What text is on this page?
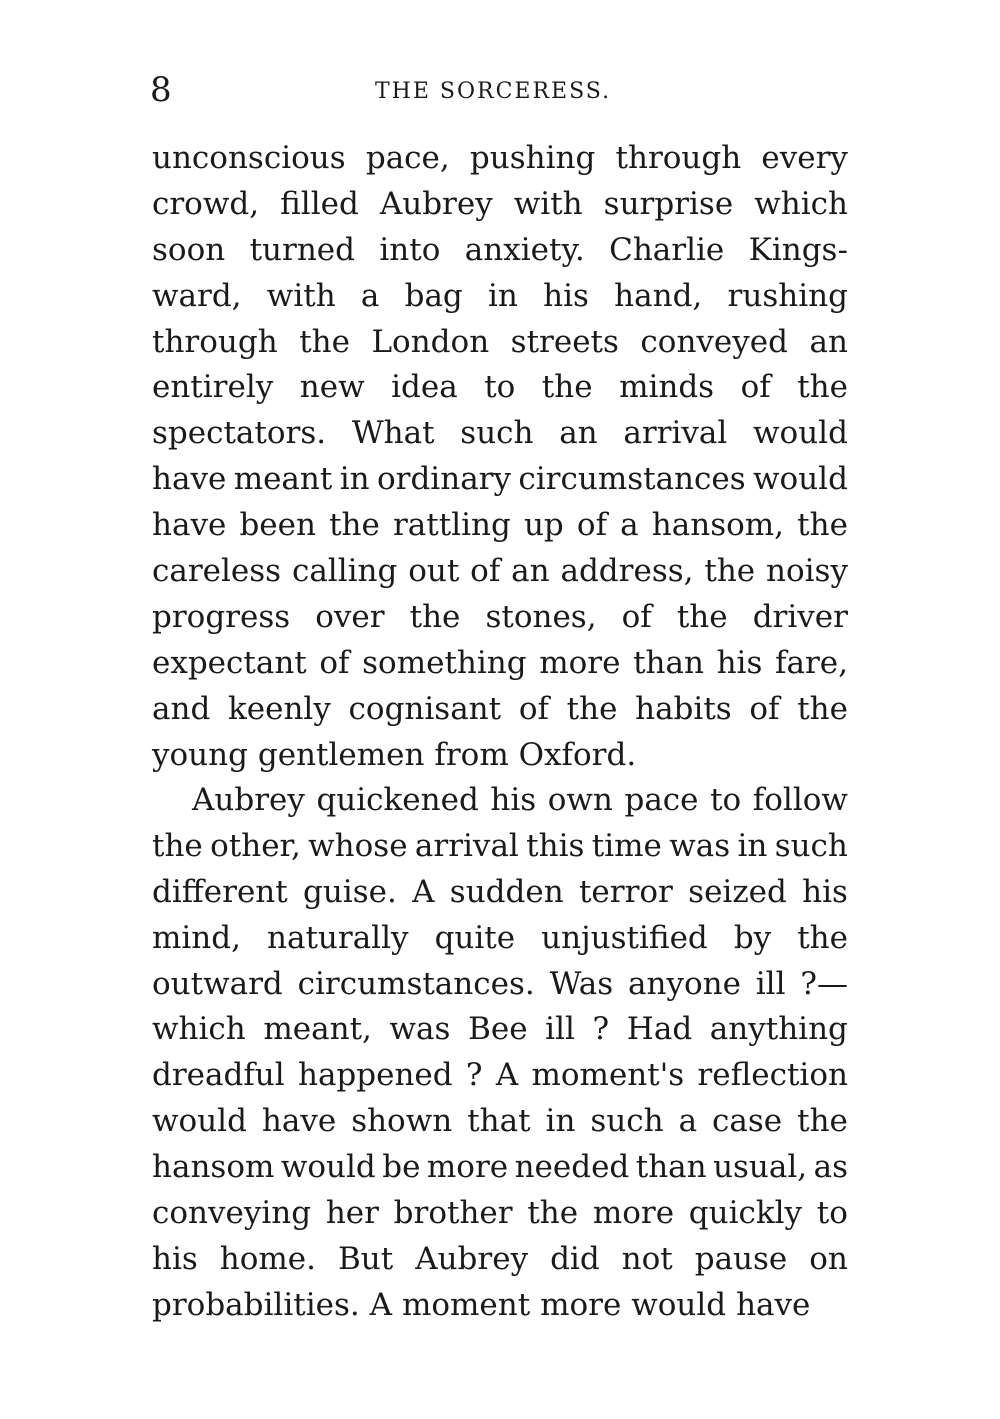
8	THE SORCERESS.
unconscious pace, pushing through every
crowd, filled Aubrey with surprise which
soon turned into anxiety. Charlie Kings-
ward, with a bag in his hand, rushing
through the London streets conveyed an
entirely new idea to the minds of the
spectators. What such an arrival would
have meant in ordinary circumstances would
have been the rattling up of a hansom, the
careless calling out of an address, the noisy
progress over the stones, of the driver
expectant of something more than his fare,
and keenly cognisant of the habits of the
young gentlemen from Oxford.
Aubrey quickened his own pace to follow
the other, whose arrival this time was in such
different guise. A sudden terror seized his
mind, naturally quite unjustified by the
outward circumstances. Was anyone ill ?—
which meant, was Bee ill ? Had anything
dreadful happened ? A moment's reflection
would have shown that in such a case the
hansom would be more needed than usual, as
conveying her brother the more quickly to
his home. But Aubrey did not pause on
probabilities. A moment more would have
